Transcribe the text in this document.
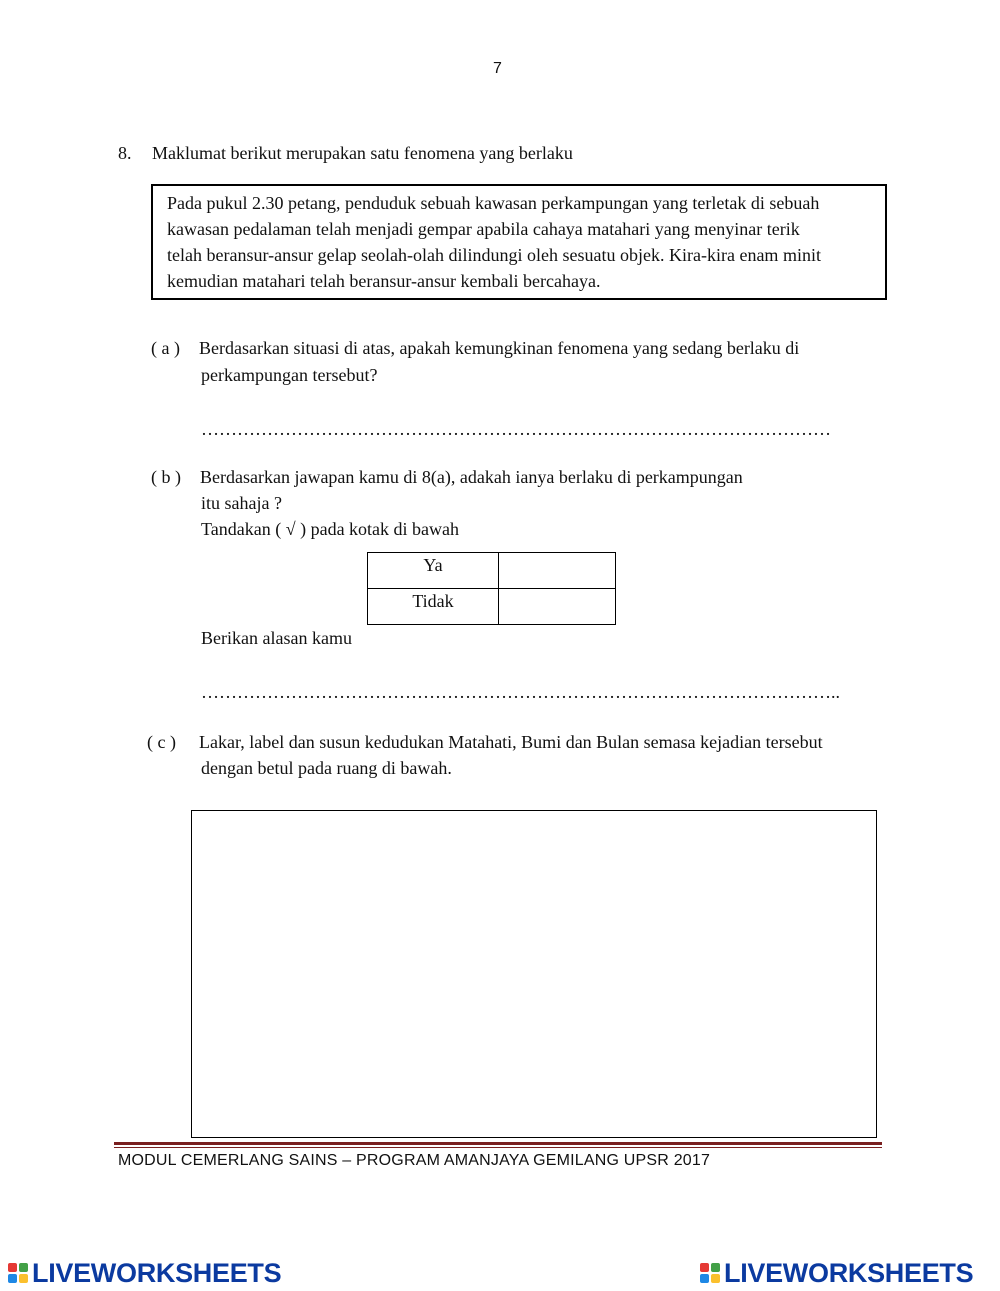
7
8. Maklumat berikut merupakan satu fenomena yang berlaku
Pada pukul 2.30 petang, penduduk sebuah kawasan perkampungan yang terletak di sebuah
kawasan pedalaman telah menjadi gempar apabila cahaya matahari yang menyinar terik
telah beransur-ansur gelap seolah-olah dilindungi oleh sesuatu objek. Kira-kira enam minit
kemudian matahari telah beransur-ansur kembali bercahaya.
( a ) Berdasarkan situasi di atas, apakah kemungkinan fenomena yang sedang berlaku di
perkampungan tersebut?
……………………………………………………………………………………………
( b ) Berdasarkan jawapan kamu di 8(a), adakah ianya berlaku di perkampungan
itu sahaja ?
Tandakan ( √ ) pada kotak di bawah
Ya	
Tidak	
Berikan alasan kamu
……………………………………………………………………………………………..
( c ) Lakar, label dan susun kedudukan Matahati, Bumi dan Bulan semasa kejadian tersebut
dengan betul pada ruang di bawah.
MODUL CEMERLANG SAINS – PROGRAM AMANJAYA GEMILANG UPSR 2017
LIVEWORKSHEETS	LIVEWORKSHEETS
